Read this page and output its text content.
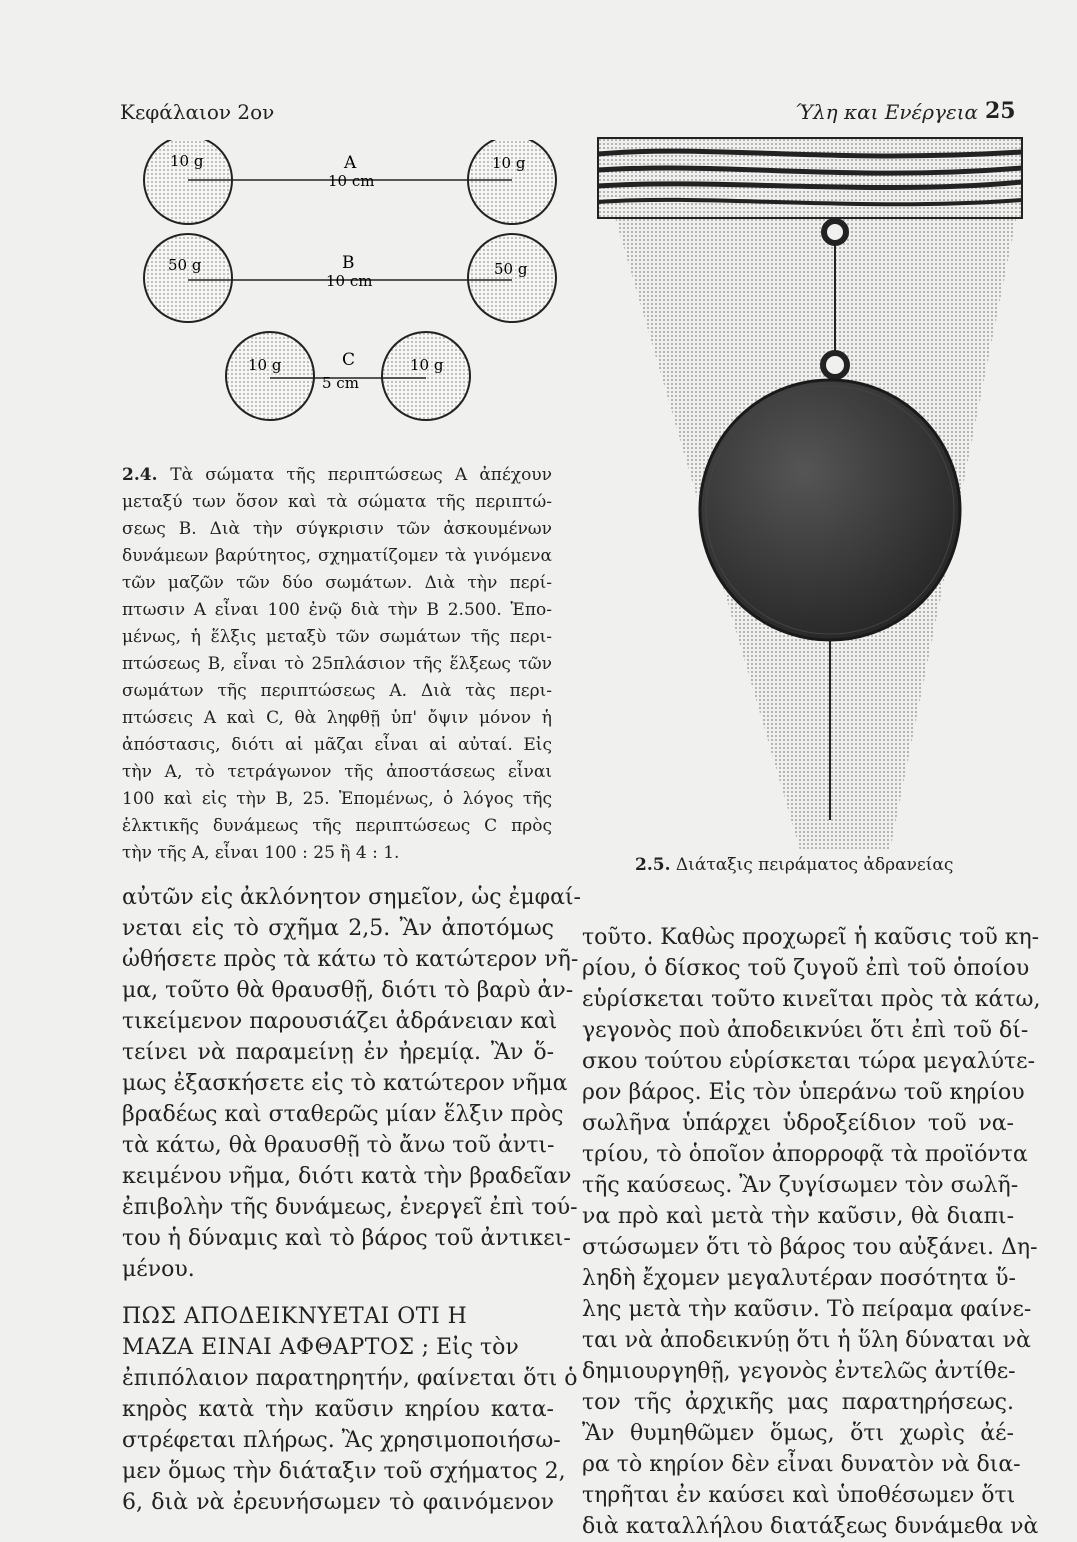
Κεφάλαιον 2ον	Ύλη και Ενέργεια 25
10 g	10 g
A
10 cm
50 g	50 g
B
10 cm
10 g	10 g
C
5 cm
2.4. Τὰ σώματα τῆς περιπτώσεως Α ἀπέχουν
μεταξύ των ὅσον καὶ τὰ σώματα τῆς περιπτώ-
σεως Β. Διὰ τὴν σύγκρισιν τῶν ἀσκουμένων
δυνάμεων βαρύτητος, σχηματίζομεν τὰ γινόμενα
τῶν μαζῶν τῶν δύο σωμάτων. Διὰ τὴν περί-
πτωσιν Α εἶναι 100 ἐνῷ διὰ τὴν Β 2.500. Ἑπο-
μένως, ἡ ἕλξις μεταξὺ τῶν σωμάτων τῆς περι-
πτώσεως Β, εἶναι τὸ 25πλάσιον τῆς ἕλξεως τῶν
σωμάτων τῆς περιπτώσεως Α. Διὰ τὰς περι-
πτώσεις Α καὶ C, θὰ ληφθῇ ὑπ' ὄψιν μόνον ἡ
ἀπόστασις, διότι αἱ μᾶζαι εἶναι αἱ αὐταί. Εἰς
τὴν Α, τὸ τετράγωνον τῆς ἀποστάσεως εἶναι
100 καὶ εἰς τὴν Β, 25. Ἑπομένως, ὁ λόγος τῆς
ἑλκτικῆς δυνάμεως τῆς περιπτώσεως C πρὸς
τὴν τῆς Α, εἶναι 100 : 25 ἢ 4 : 1.
2.5. Διάταξις πειράματος ἀδρανείας
αὐτῶν εἰς ἀκλόνητον σημεῖον, ὡς ἐμφαί-
νεται εἰς τὸ σχῆμα 2,5. Ἂν ἀποτόμως
ὠθήσετε πρὸς τὰ κάτω τὸ κατώτερον νῆ-
μα, τοῦτο θὰ θραυσθῇ, διότι τὸ βαρὺ ἀν-
τικείμενον παρουσιάζει ἀδράνειαν καὶ
τείνει νὰ παραμείνῃ ἐν ἠρεμίᾳ. Ἂν ὅ-
μως ἐξασκήσετε εἰς τὸ κατώτερον νῆμα
βραδέως καὶ σταθερῶς μίαν ἕλξιν πρὸς
τὰ κάτω, θὰ θραυσθῇ τὸ ἄνω τοῦ ἀντι-
κειμένου νῆμα, διότι κατὰ τὴν βραδεῖαν
ἐπιβολὴν τῆς δυνάμεως, ἐνεργεῖ ἐπὶ τού-
του ἡ δύναμις καὶ τὸ βάρος τοῦ ἀντικει-
μένου.
ΠΩΣ ΑΠΟΔΕΙΚΝΥΕΤΑΙ ΟΤΙ Η
ΜΑΖΑ ΕΙΝΑΙ ΑΦΘΑΡΤΟΣ ; Εἰς τὸν
ἐπιπόλαιον παρατηρητήν, φαίνεται ὅτι ὁ
κηρὸς κατὰ τὴν καῦσιν κηρίου κατα-
στρέφεται πλήρως. Ἂς χρησιμοποιήσω-
μεν ὅμως τὴν διάταξιν τοῦ σχήματος 2,
6, διὰ νὰ ἐρευνήσωμεν τὸ φαινόμενον
τοῦτο. Καθὼς προχωρεῖ ἡ καῦσις τοῦ κη-
ρίου, ὁ δίσκος τοῦ ζυγοῦ ἐπὶ τοῦ ὁποίου
εὑρίσκεται τοῦτο κινεῖται πρὸς τὰ κάτω,
γεγονὸς ποὺ ἀποδεικνύει ὅτι ἐπὶ τοῦ δί-
σκου τούτου εὑρίσκεται τώρα μεγαλύτε-
ρον βάρος. Εἰς τὸν ὑπεράνω τοῦ κηρίου
σωλῆνα ὑπάρχει ὑδροξείδιον τοῦ να-
τρίου, τὸ ὁποῖον ἀπορροφᾷ τὰ προϊόντα
τῆς καύσεως. Ἂν ζυγίσωμεν τὸν σωλῆ-
να πρὸ καὶ μετὰ τὴν καῦσιν, θὰ διαπι-
στώσωμεν ὅτι τὸ βάρος του αὐξάνει. Δη-
ληδὴ ἔχομεν μεγαλυτέραν ποσότητα ὕ-
λης μετὰ τὴν καῦσιν. Τὸ πείραμα φαίνε-
ται νὰ ἀποδεικνύῃ ὅτι ἡ ὕλη δύναται νὰ
δημιουργηθῇ, γεγονὸς ἐντελῶς ἀντίθε-
τον τῆς ἀρχικῆς μας παρατηρήσεως.
Ἂν θυμηθῶμεν ὅμως, ὅτι χωρὶς ἀέ-
ρα τὸ κηρίον δὲν εἶναι δυνατὸν νὰ δια-
τηρῆται ἐν καύσει καὶ ὑποθέσωμεν ὅτι
διὰ καταλλήλου διατάξεως δυνάμεθα νὰ
